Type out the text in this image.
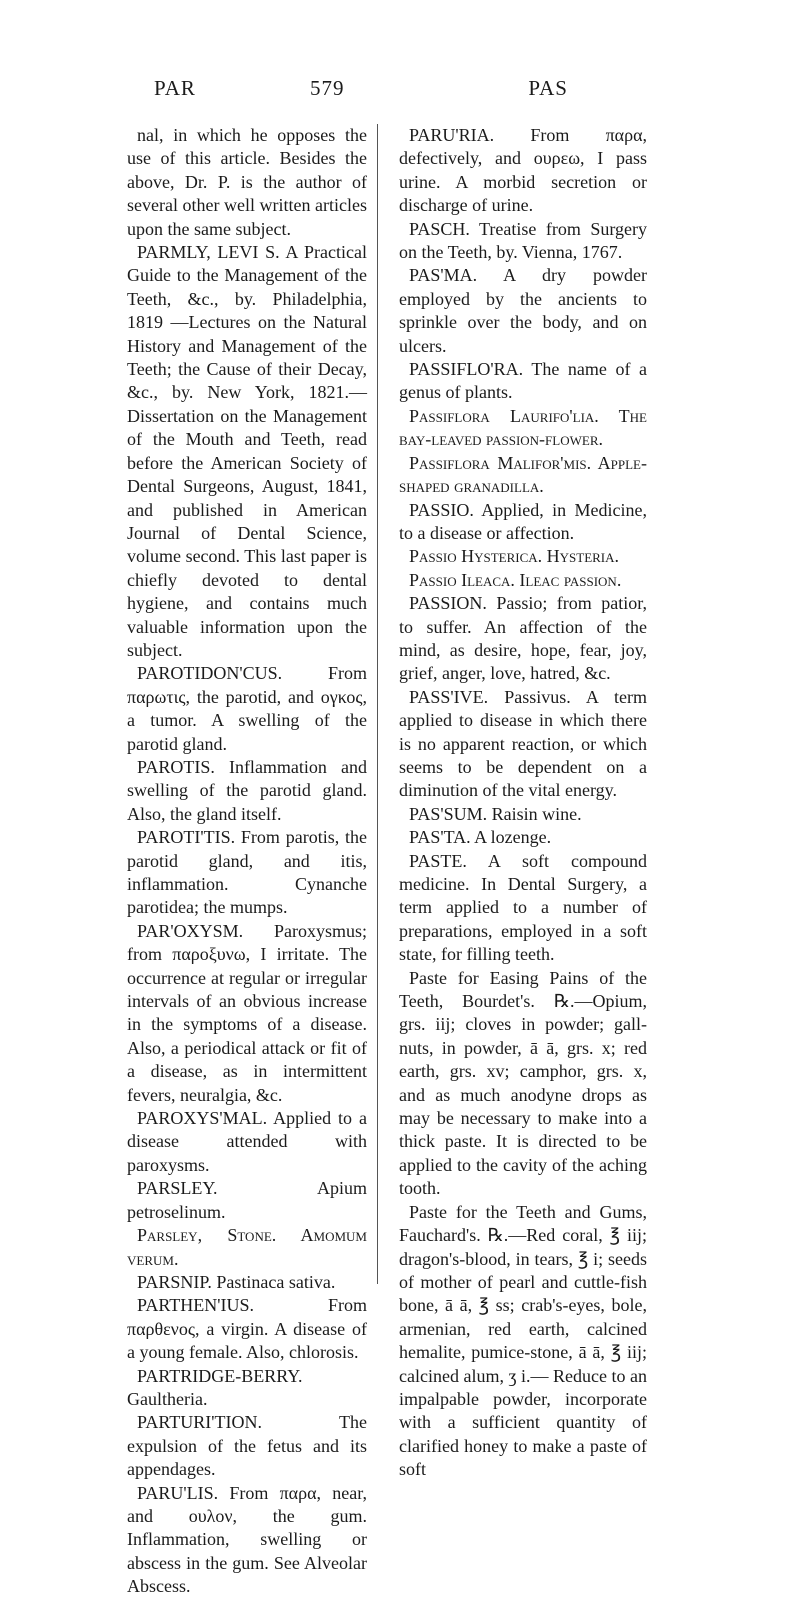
PAR	579	PAS

nal, in which he opposes the use of this article. Besides the above, Dr. P. is the author of several other well written articles upon the same subject.

PARMLY, LEVI S. A Practical Guide to the Management of the Teeth, &c., by. Philadelphia, 1819 —Lectures on the Natural History and Management of the Teeth; the Cause of their Decay, &c., by. New York, 1821.— Dissertation on the Management of the Mouth and Teeth, read before the American Society of Dental Surgeons, August, 1841, and published in American Journal of Dental Science, volume second. This last paper is chiefly devoted to dental hygiene, and contains much valuable information upon the subject.

PAROTIDON'CUS. From παρωτις, the parotid, and ογκος, a tumor. A swelling of the parotid gland.

PAROTIS. Inflammation and swelling of the parotid gland. Also, the gland itself.

PAROTI'TIS. From parotis, the parotid gland, and itis, inflammation. Cynanche parotidea; the mumps.

PAR'OXYSM. Paroxysmus; from παροξυνω, I irritate. The occurrence at regular or irregular intervals of an obvious increase in the symptoms of a disease. Also, a periodical attack or fit of a disease, as in intermittent fevers, neuralgia, &c.

PAROXYS'MAL. Applied to a disease attended with paroxysms.

PARSLEY. Apium petroselinum.

Parsley, Stone. Amomum verum.

PARSNIP. Pastinaca sativa.

PARTHEN'IUS. From παρθενος, a virgin. A disease of a young female. Also, chlorosis.

PARTRIDGE-BERRY. Gaultheria.

PARTURI'TION. The expulsion of the fetus and its appendages.

PARU'LIS. From παρα, near, and ουλον, the gum. Inflammation, swelling or abscess in the gum. See Alveolar Abscess.

PARU'RIA. From παρα, defectively, and ουρεω, I pass urine. A morbid secretion or discharge of urine.

PASCH. Treatise from Surgery on the Teeth, by. Vienna, 1767.

PAS'MA. A dry powder employed by the ancients to sprinkle over the body, and on ulcers.

PASSIFLO'RA. The name of a genus of plants.

Passiflora Laurifo'lia. The bay-leaved passion-flower.

Passiflora Malifor'mis. Apple-shaped granadilla.

PASSIO. Applied, in Medicine, to a disease or affection.

Passio Hysterica. Hysteria.

Passio Ileaca. Ileac passion.

PASSION. Passio; from patior, to suffer. An affection of the mind, as desire, hope, fear, joy, grief, anger, love, hatred, &c.

PASS'IVE. Passivus. A term applied to disease in which there is no apparent reaction, or which seems to be dependent on a diminution of the vital energy.

PAS'SUM. Raisin wine.

PAS'TA. A lozenge.

PASTE. A soft compound medicine. In Dental Surgery, a term applied to a number of preparations, employed in a soft state, for filling teeth.

Paste for Easing Pains of the Teeth, Bourdet's. ℞.—Opium, grs. iij; cloves in powder; gall-nuts, in powder, ā ā, grs. x; red earth, grs. xv; camphor, grs. x, and as much anodyne drops as may be necessary to make into a thick paste. It is directed to be applied to the cavity of the aching tooth.

Paste for the Teeth and Gums, Fauchard's. ℞.—Red coral, ℥ iij; dragon's-blood, in tears, ℥ i; seeds of mother of pearl and cuttle-fish bone, ā ā, ℥ ss; crab's-eyes, bole, armenian, red earth, calcined hemalite, pumice-stone, ā ā, ℥ iij; calcined alum, ʒ i.— Reduce to an impalpable powder, incorporate with a sufficient quantity of clarified honey to make a paste of soft
